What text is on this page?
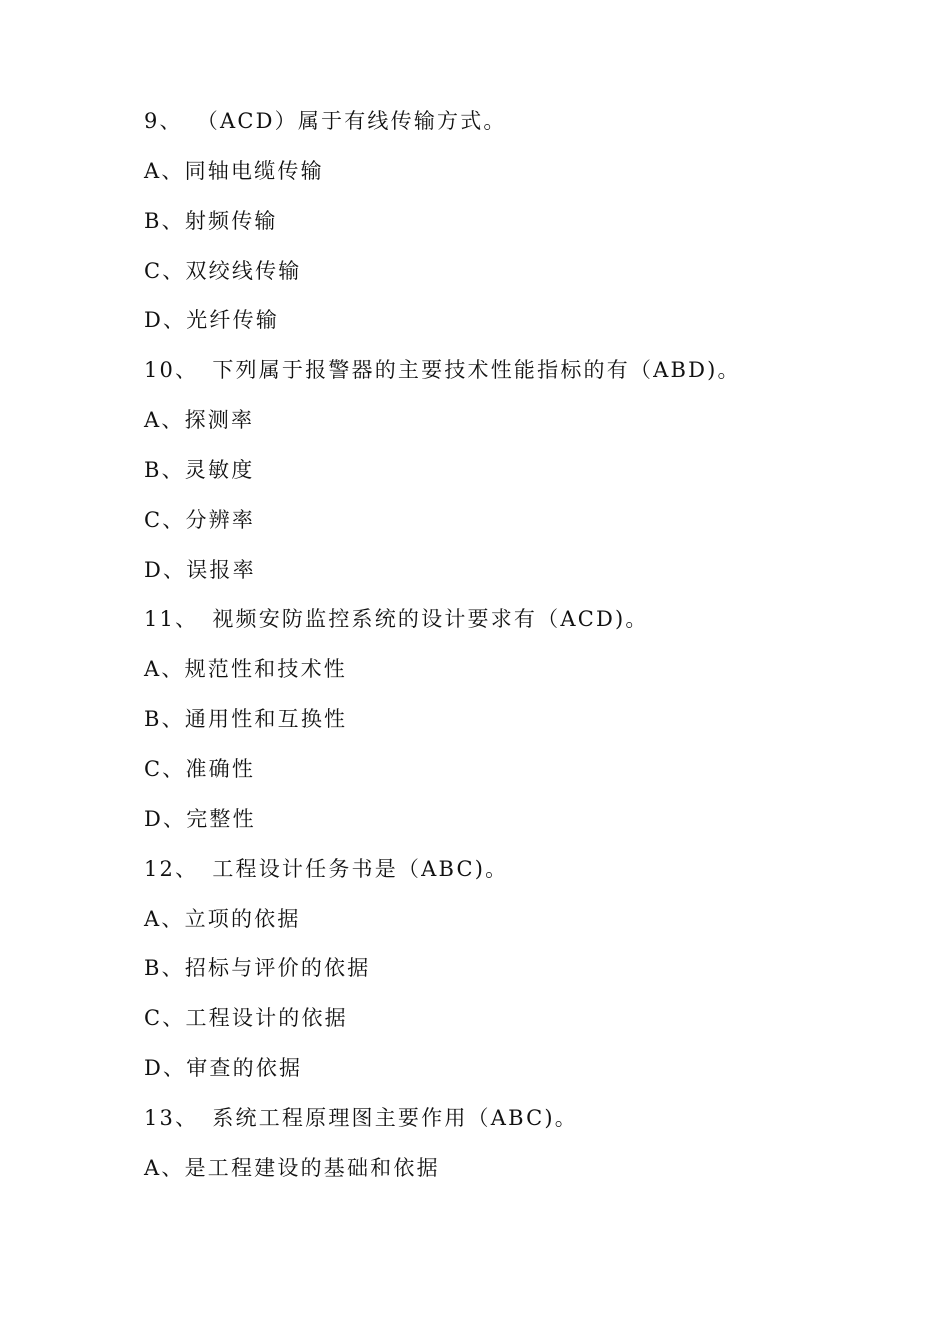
9、 （ACD）属于有线传输方式。
A、同轴电缆传输
B、射频传输
C、双绞线传输
D、光纤传输
10、 下列属于报警器的主要技术性能指标的有（ABD)。
A、探测率
B、灵敏度
C、分辨率
D、误报率
11、 视频安防监控系统的设计要求有（ACD)。
A、规范性和技术性
B、通用性和互换性
C、准确性
D、完整性
12、 工程设计任务书是（ABC)。
A、立项的依据
B、招标与评价的依据
C、工程设计的依据
D、审查的依据
13、 系统工程原理图主要作用（ABC)。
A、是工程建设的基础和依据
